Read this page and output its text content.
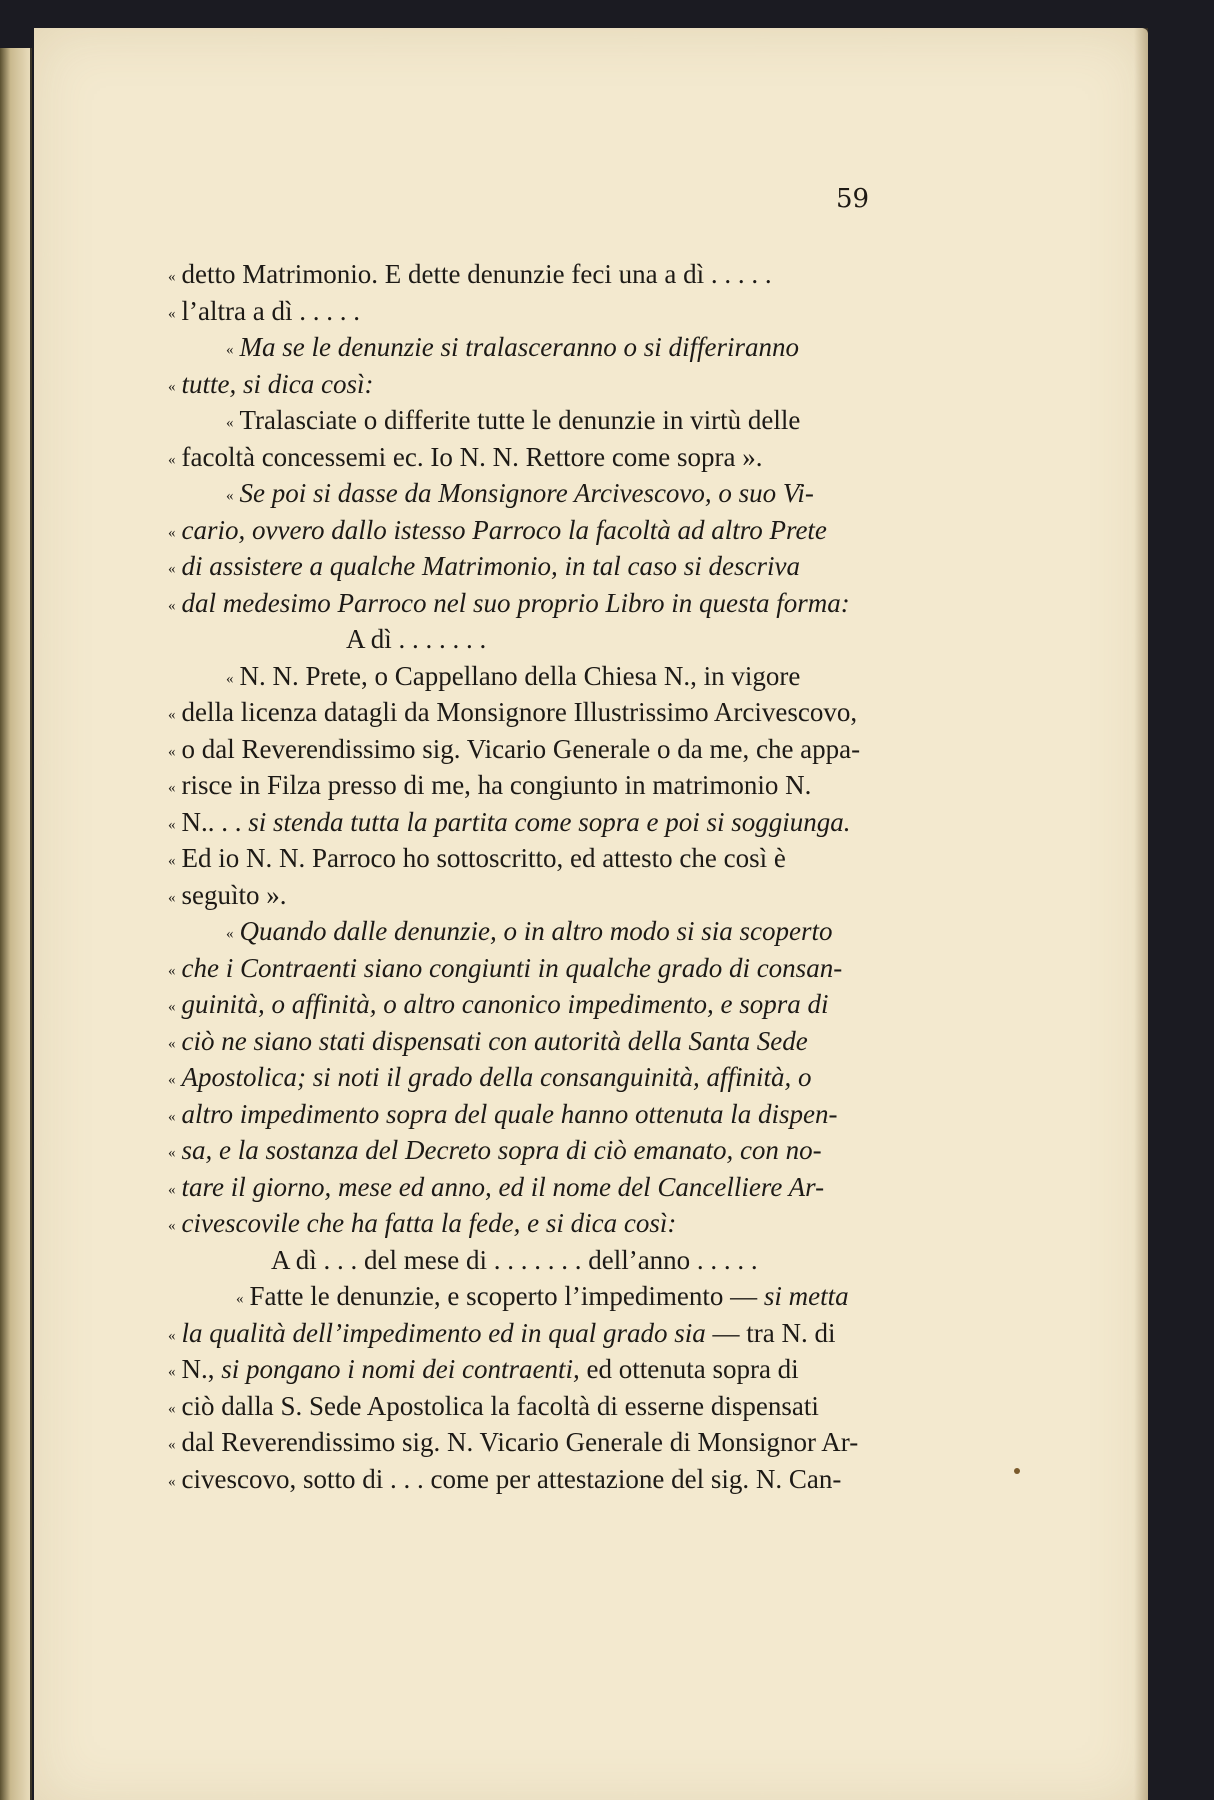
59
« detto Matrimonio. E dette denunzie feci una a dì . . . . .
« l’altra a dì . . . . .
« Ma se le denunzie si tralasceranno o si differiranno
« tutte, si dica così:
« Tralasciate o differite tutte le denunzie in virtù delle
« facoltà concessemi ec. Io N. N. Rettore come sopra ».
« Se poi si dasse da Monsignore Arcivescovo, o suo Vi-
« cario, ovvero dallo istesso Parroco la facoltà ad altro Prete
« di assistere a qualche Matrimonio, in tal caso si descriva
« dal medesimo Parroco nel suo proprio Libro in questa forma:
A dì . . . . . . .
« N. N. Prete, o Cappellano della Chiesa N., in vigore
« della licenza datagli da Monsignore Illustrissimo Arcivescovo,
« o dal Reverendissimo sig. Vicario Generale o da me, che appa-
« risce in Filza presso di me, ha congiunto in matrimonio N.
« N.. . . si stenda tutta la partita come sopra e poi si soggiunga.
« Ed io N. N. Parroco ho sottoscritto, ed attesto che così è
« seguìto ».
« Quando dalle denunzie, o in altro modo si sia scoperto
« che i Contraenti siano congiunti in qualche grado di consan-
« guinità, o affinità, o altro canonico impedimento, e sopra di
« ciò ne siano stati dispensati con autorità della Santa Sede
« Apostolica; si noti il grado della consanguinità, affinità, o
« altro impedimento sopra del quale hanno ottenuta la dispen-
« sa, e la sostanza del Decreto sopra di ciò emanato, con no-
« tare il giorno, mese ed anno, ed il nome del Cancelliere Ar-
« civescovile che ha fatta la fede, e si dica così:
A dì . . . del mese di . . . . . . . dell’anno . . . . .
« Fatte le denunzie, e scoperto l’impedimento — si metta
« la qualità dell’impedimento ed in qual grado sia — tra N. di
« N., si pongano i nomi dei contraenti, ed ottenuta sopra di
« ciò dalla S. Sede Apostolica la facoltà di esserne dispensati
« dal Reverendissimo sig. N. Vicario Generale di Monsignor Ar-
« civescovo, sotto di . . . come per attestazione del sig. N. Can-
